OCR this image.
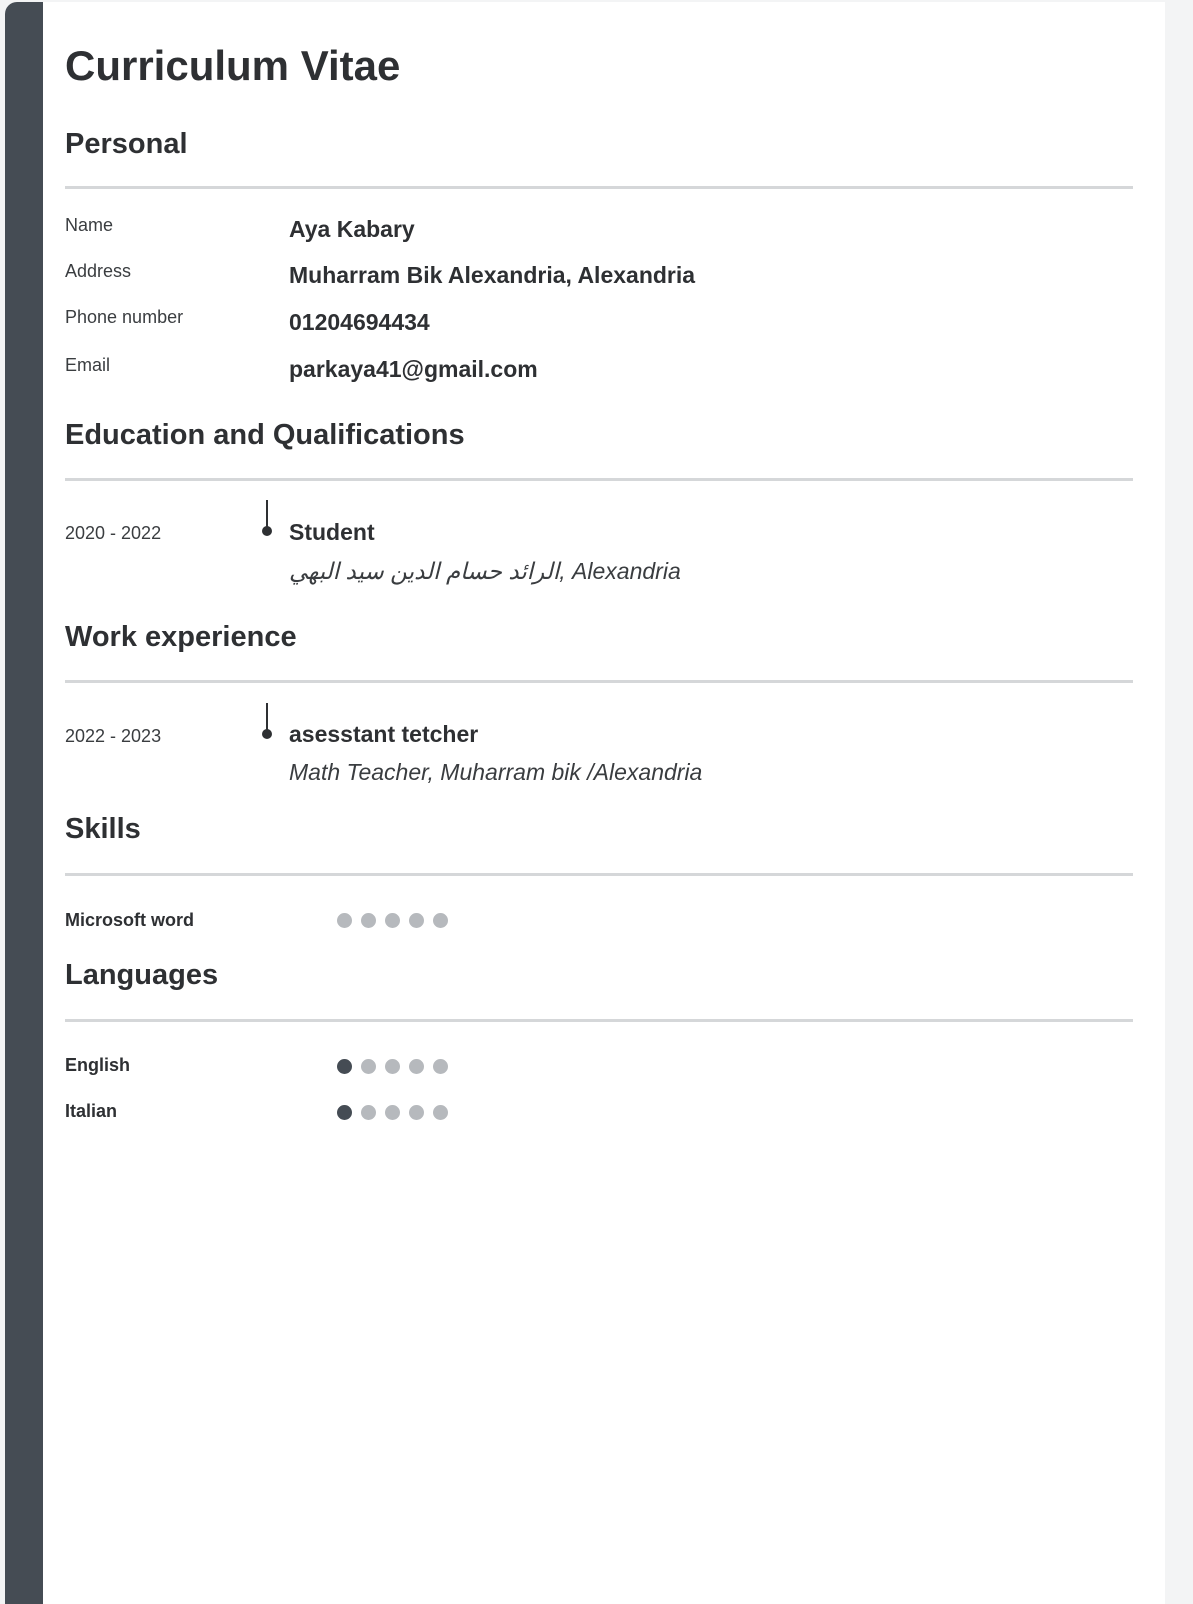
Curriculum Vitae
Personal
Name	Aya Kabary
Address	Muharram Bik Alexandria, Alexandria
Phone number	01204694434
Email	parkaya41@gmail.com
Education and Qualifications
2020 - 2022	Student
الرائد حسام الدين سيد البهي, Alexandria
Work experience
2022 - 2023	asesstant tetcher
Math Teacher, Muharram bik /Alexandria
Skills
Microsoft word
Languages
English
Italian
